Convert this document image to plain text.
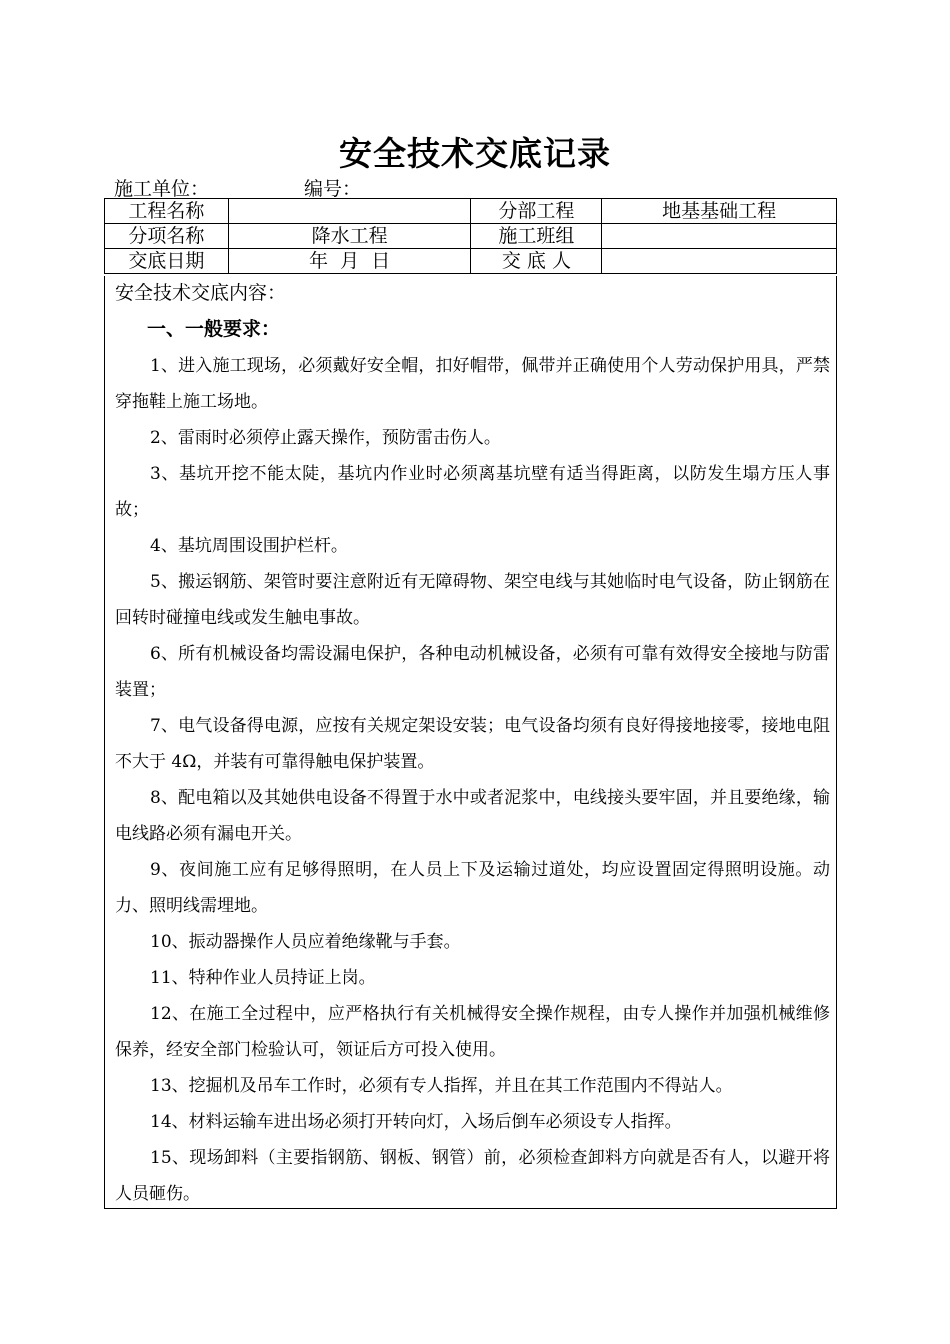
安全技术交底记录
施工单位：	编号：
工程名称		分部工程	地基基础工程
分项名称	降水工程	施工班组	
交底日期	年  月  日	交 底 人	
安全技术交底内容：
一、一般要求：
1、进入施工现场，必须戴好安全帽，扣好帽带，佩带并正确使用个人劳动保护用具，严禁穿拖鞋上施工场地。
2、雷雨时必须停止露天操作，预防雷击伤人。
3、基坑开挖不能太陡，基坑内作业时必须离基坑壁有适当得距离，以防发生塌方压人事故；
4、基坑周围设围护栏杆。
5、搬运钢筋、架管时要注意附近有无障碍物、架空电线与其她临时电气设备，防止钢筋在回转时碰撞电线或发生触电事故。
6、所有机械设备均需设漏电保护，各种电动机械设备，必须有可靠有效得安全接地与防雷装置；
7、电气设备得电源，应按有关规定架设安装；电气设备均须有良好得接地接零，接地电阻不大于 4Ω，并装有可靠得触电保护装置。
8、配电箱以及其她供电设备不得置于水中或者泥浆中，电线接头要牢固，并且要绝缘，输电线路必须有漏电开关。
9、夜间施工应有足够得照明，在人员上下及运输过道处，均应设置固定得照明设施。动力、照明线需埋地。
10、振动器操作人员应着绝缘靴与手套。
11、特种作业人员持证上岗。
12、在施工全过程中，应严格执行有关机械得安全操作规程，由专人操作并加强机械维修保养，经安全部门检验认可，领证后方可投入使用。
13、挖掘机及吊车工作时，必须有专人指挥，并且在其工作范围内不得站人。
14、材料运输车进出场必须打开转向灯，入场后倒车必须设专人指挥。
15、现场卸料（主要指钢筋、钢板、钢管）前，必须检查卸料方向就是否有人，以避开将人员砸伤。
